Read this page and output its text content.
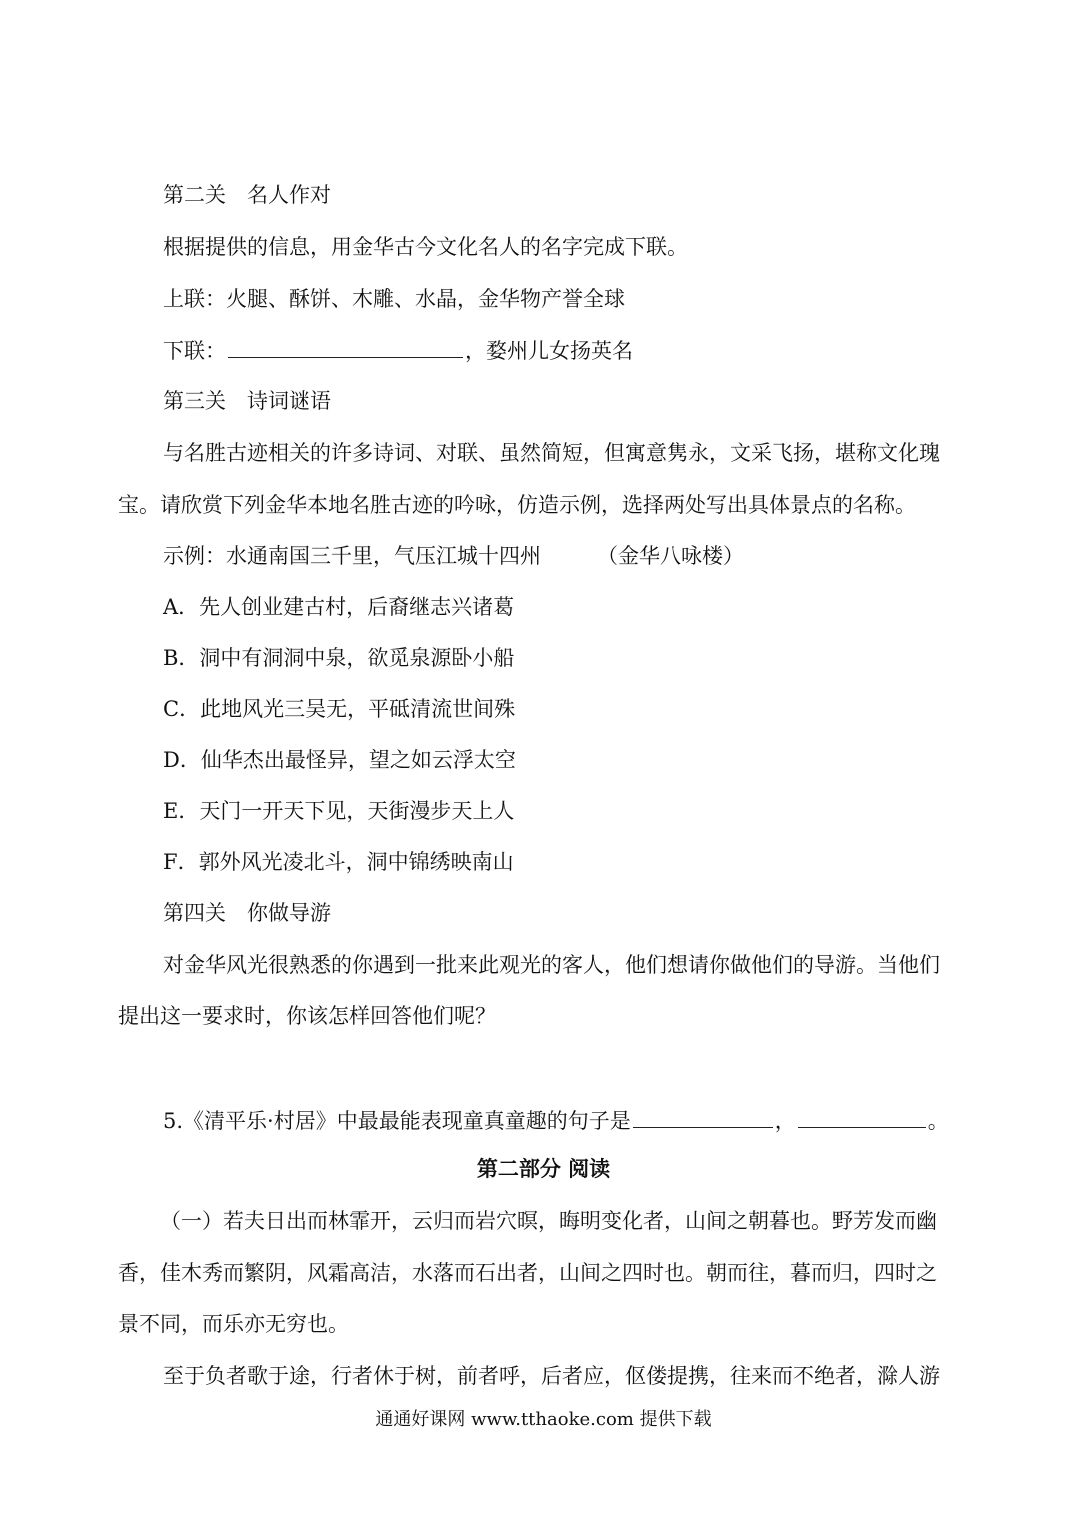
第二关　名人作对
根据提供的信息，用金华古今文化名人的名字完成下联。
上联：火腿、酥饼、木雕、水晶，金华物产誉全球
下联：	，婺州儿女扬英名
第三关　诗词谜语
与名胜古迹相关的许多诗词、对联、虽然简短，但寓意隽永，文采飞扬，堪称文化瑰
宝。请欣赏下列金华本地名胜古迹的吟咏，仿造示例，选择两处写出具体景点的名称。
示例：水通南国三千里，气压江城十四州	（金华八咏楼）
A．先人创业建古村，后裔继志兴诸葛
B．洞中有洞洞中泉，欲觅泉源卧小船
C．此地风光三吴无，平砥清流世间殊
D．仙华杰出最怪异，望之如云浮太空
E．天门一开天下见，天街漫步天上人
F．郭外风光凌北斗，洞中锦绣映南山
第四关　你做导游
对金华风光很熟悉的你遇到一批来此观光的客人，他们想请你做他们的导游。当他们
提出这一要求时，你该怎样回答他们呢？
5.《清平乐·村居》中最最能表现童真童趣的句子是	，	。
第二部分 阅读
（一）若夫日出而林霏开，云归而岩穴暝，晦明变化者，山间之朝暮也。野芳发而幽
香，佳木秀而繁阴，风霜高洁，水落而石出者，山间之四时也。朝而往，暮而归，四时之
景不同，而乐亦无穷也。
至于负者歌于途，行者休于树，前者呼，后者应，伛偻提携，往来而不绝者，滁人游
通通好课网 www.tthaoke.com 提供下载
